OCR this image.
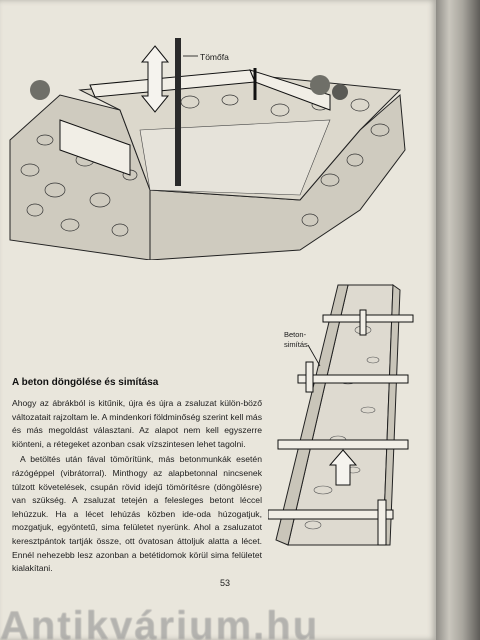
Tömőfa
Beton-
simítás
A beton döngölése és simítása

Ahogy az ábrákból is kitűnik, újra és újra a zsaluzat külön-böző változatait rajzoltam le. A mindenkori földminőség szerint kell más és más megoldást választani. Az alapot nem kell egyszerre kiönteni, a rétegeket azonban csak vízszintesen lehet tagolni.

A betöltés után fával tömörítünk, más betonmunkák esetén rázógéppel (vibrátorral). Minthogy az alapbetonnal nincsenek túlzott követelések, csupán rövid idejű tömörítésre (döngölésre) van szükség. A zsaluzat tetején a felesleges betont léccel lehúzzuk. Ha a lécet lehúzás közben ide-oda húzogatjuk, mozgatjuk, egyöntetű, sima felületet nyerünk. Ahol a zsaluzatot keresztpántok tartják össze, ott óvatosan áttoljuk alatta a lécet. Ennél nehezebb lesz azonban a betétidomok körül sima felületet kialakítani.

53
Antikvárium.hu
